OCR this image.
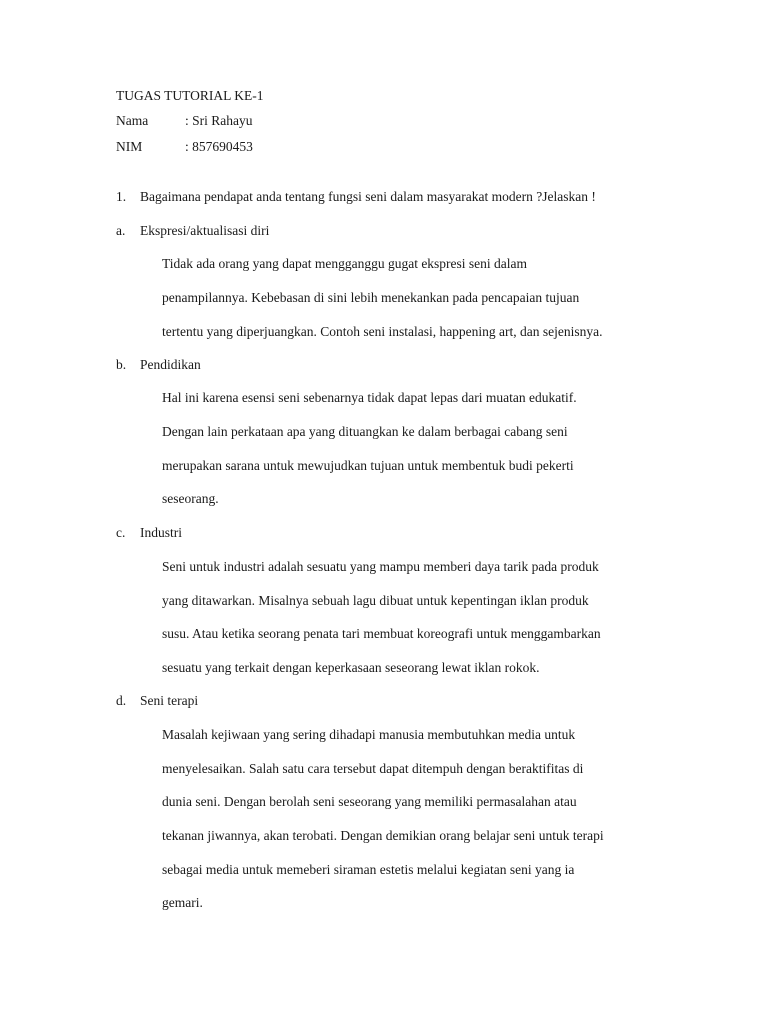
TUGAS TUTORIAL KE-1
Nama	: Sri Rahayu
NIM	: 857690453
1. Bagaimana pendapat anda tentang fungsi seni dalam masyarakat modern ?Jelaskan !
a. Ekspresi/aktualisasi diri
Tidak ada orang yang dapat mengganggu gugat ekspresi seni dalam
penampilannya. Kebebasan di sini lebih menekankan pada pencapaian tujuan
tertentu yang diperjuangkan. Contoh seni instalasi, happening art, dan sejenisnya.
b. Pendidikan
Hal ini karena esensi seni sebenarnya tidak dapat lepas dari muatan edukatif.
Dengan lain perkataan apa yang dituangkan ke dalam berbagai cabang seni
merupakan sarana untuk mewujudkan tujuan untuk membentuk budi pekerti
seseorang.
c. Industri
Seni untuk industri adalah sesuatu yang mampu memberi daya tarik pada produk
yang ditawarkan. Misalnya sebuah lagu dibuat untuk kepentingan iklan produk
susu. Atau ketika seorang penata tari membuat koreografi untuk menggambarkan
sesuatu yang terkait dengan keperkasaan seseorang lewat iklan rokok.
d. Seni terapi
Masalah kejiwaan yang sering dihadapi manusia membutuhkan media untuk
menyelesaikan. Salah satu cara tersebut dapat ditempuh dengan beraktifitas di
dunia seni. Dengan berolah seni seseorang yang memiliki permasalahan atau
tekanan jiwannya, akan terobati. Dengan demikian orang belajar seni untuk terapi
sebagai media untuk memeberi siraman estetis melalui kegiatan seni yang ia
gemari.
